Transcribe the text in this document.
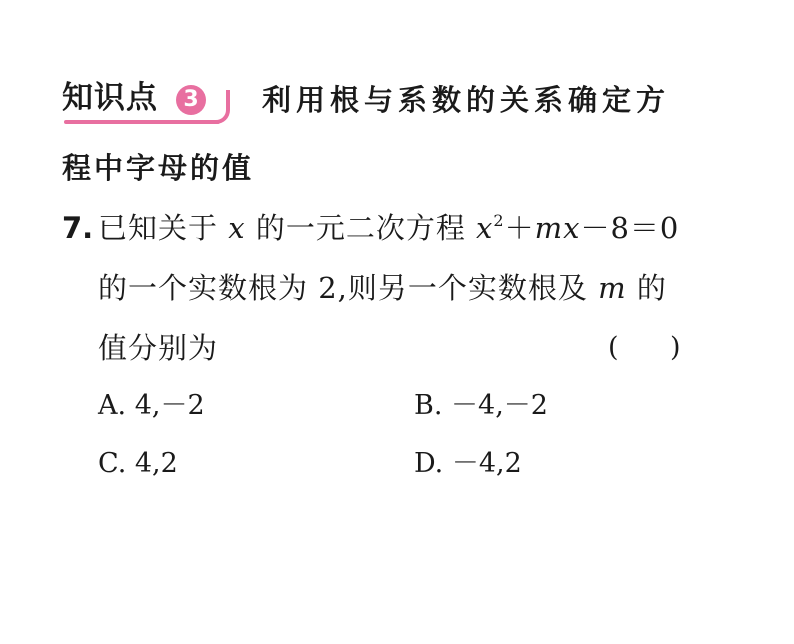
知识点	3 利用根与系数的关系确定方
程中字母的值
7. 已知关于 x 的一元二次方程 $x^2+mx-8=0$
的一个实数根为 2,则另一个实数根及 m 的
值分别为	(      )
A. 4,－2	B. －4,－2
C. 4,2	D. －4,2
